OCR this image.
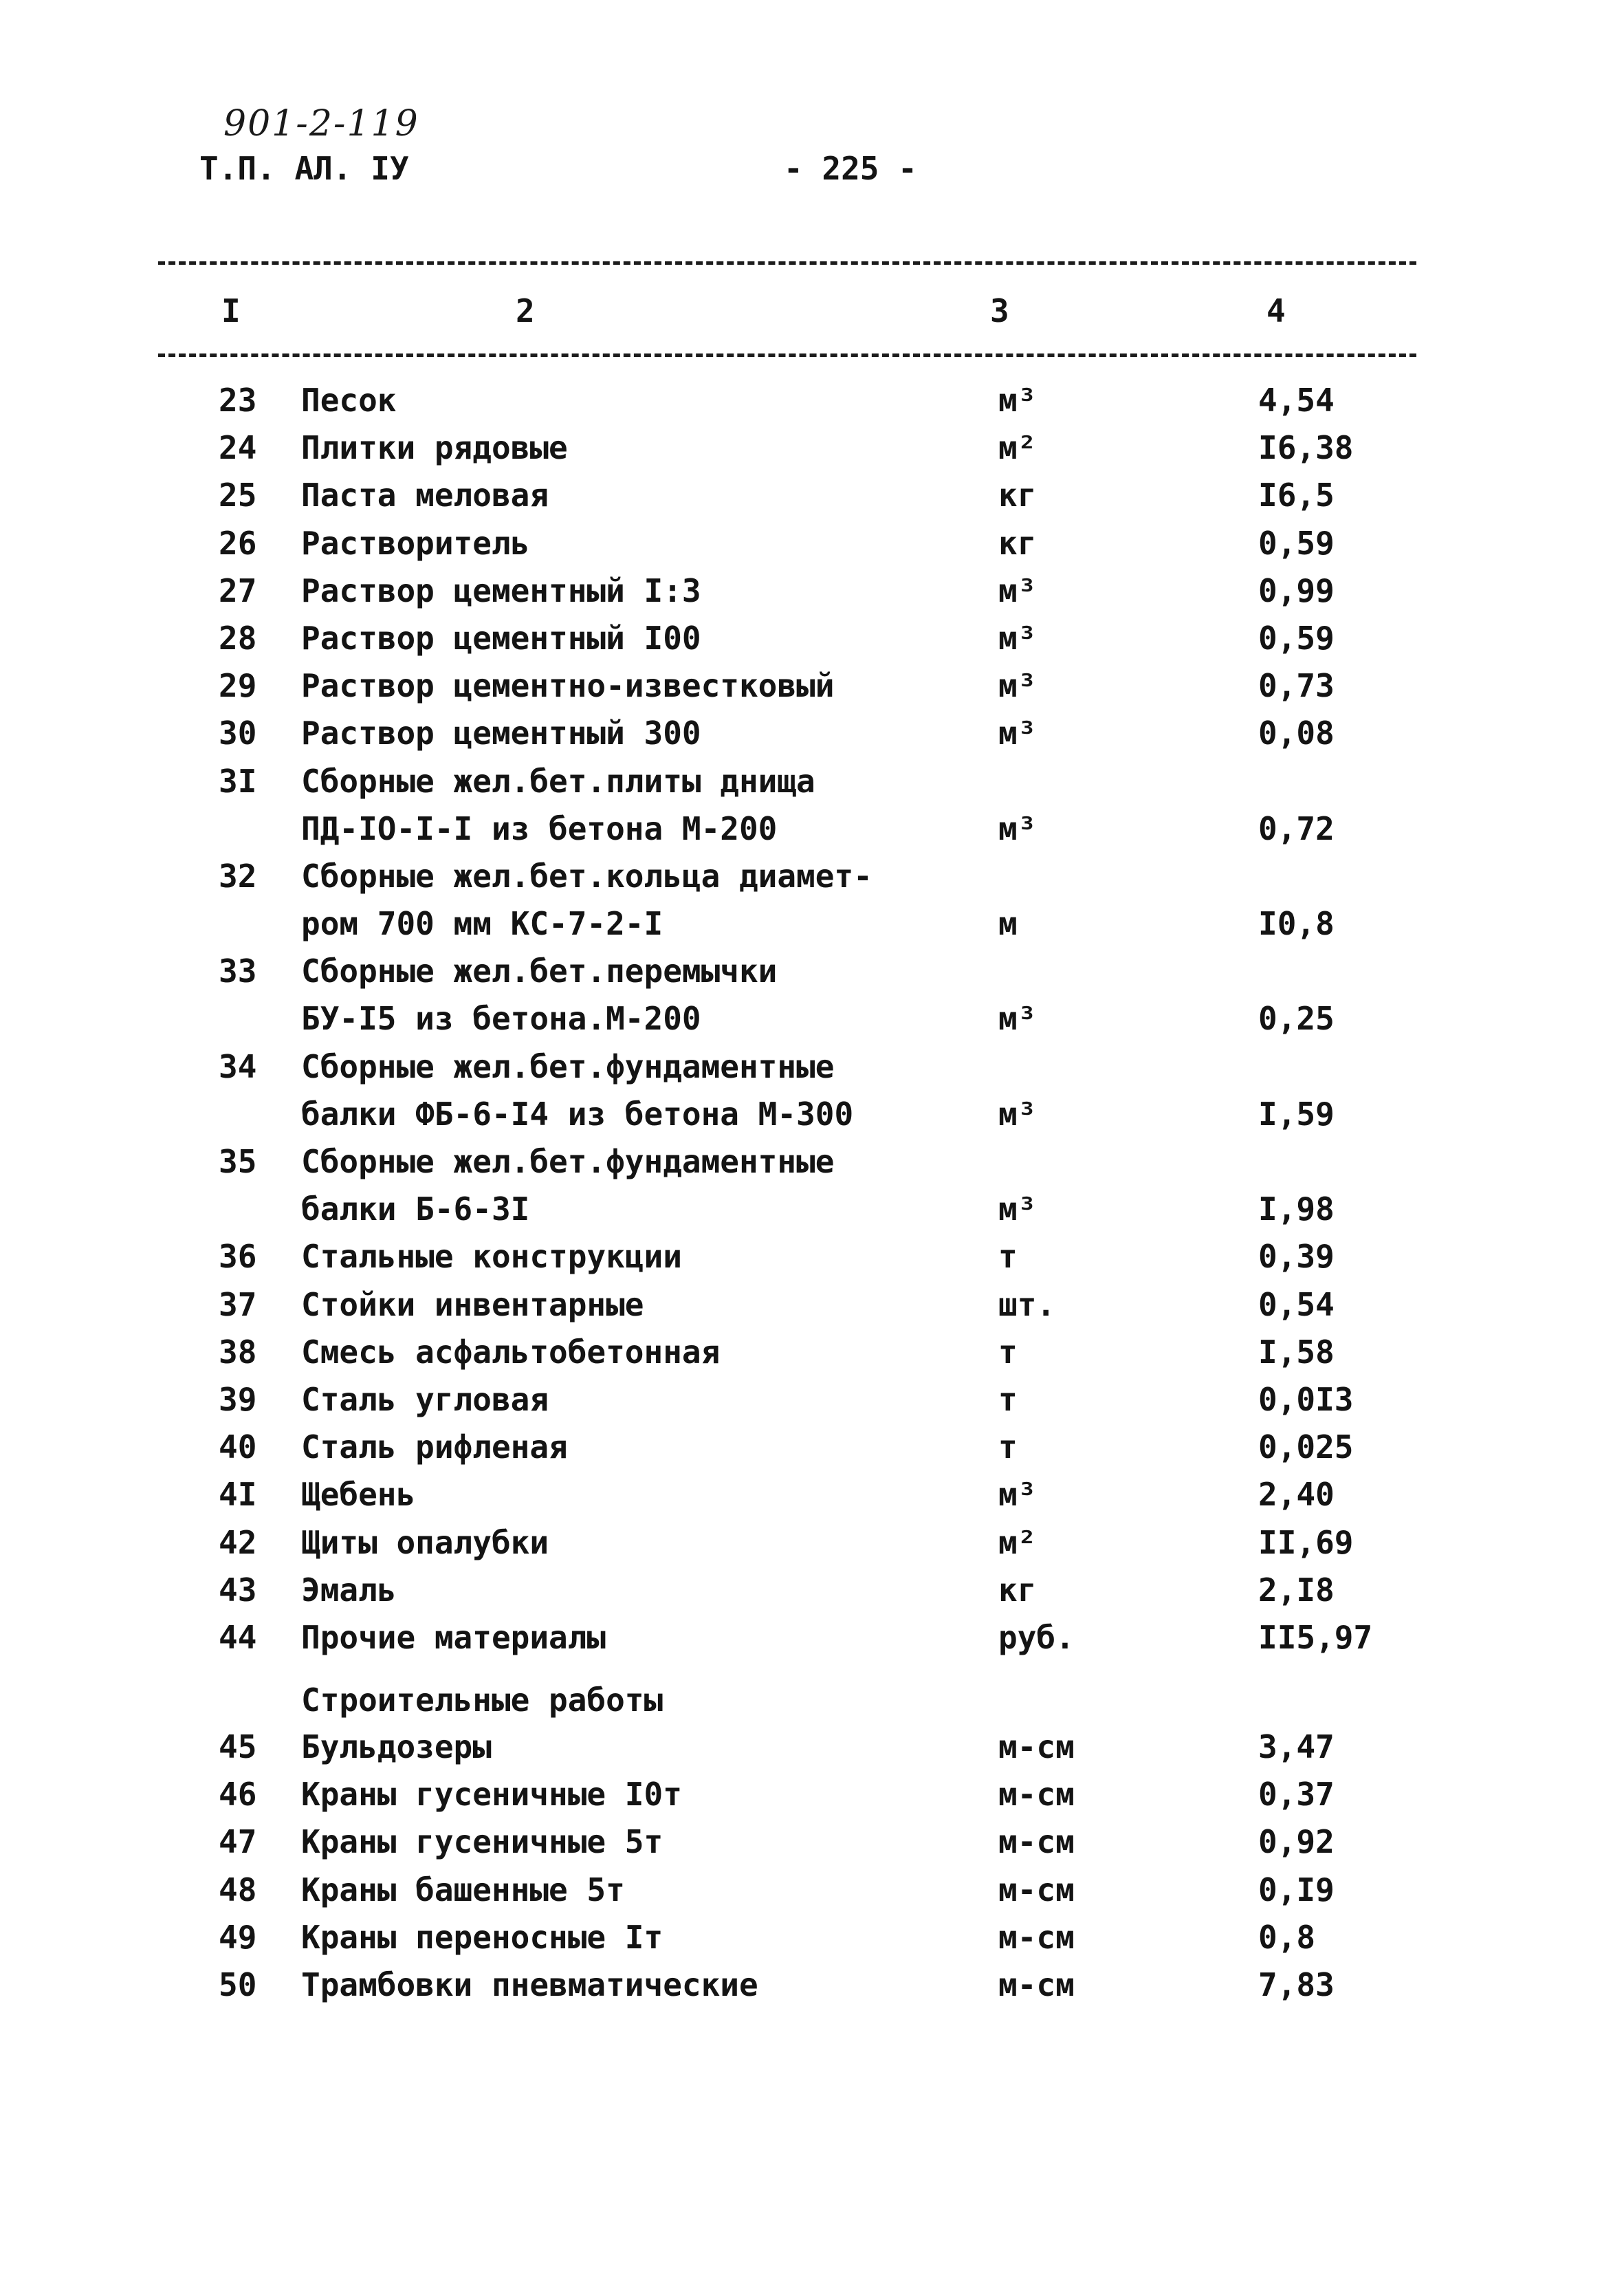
901-2-119
Т.П. АЛ. IУ	- 225 -
I	2	3	4
23 Песок	м³	4,54
24 Плитки рядовые	м²	I6,38
25 Паста меловая	кг	I6,5
26 Растворитель	кг	0,59
27 Раствор цементный I:3	м³	0,99
28 Раствор цементный I00	м³	0,59
29 Раствор цементно-известковый	м³	0,73
30 Раствор цементный 300	м³	0,08
3I Сборные жел.бет.плиты днища
ПД-IO-I-I из бетона М-200	м³	0,72
32 Сборные жел.бет.кольца диамет-
ром 700 мм КС-7-2-I	м	I0,8
33 Сборные жел.бет.перемычки
БУ-I5 из бетона.М-200	м³	0,25
34 Сборные жел.бет.фундаментные
балки ФБ-6-I4 из бетона М-300	м³	I,59
35 Сборные жел.бет.фундаментные
балки Б-6-3I	м³	I,98
36 Стальные конструкции	т	0,39
37 Стойки инвентарные	шт.	0,54
38 Смесь асфальтобетонная	т	I,58
39 Сталь угловая	т	0,0I3
40 Сталь рифленая	т	0,025
4I Щебень	м³	2,40
42 Щиты опалубки	м²	II,69
43 Эмаль	кг	2,I8
44 Прочие материалы	руб.	II5,97
Строительные работы
45 Бульдозеры	м-см	3,47
46 Краны гусеничные I0т	м-см	0,37
47 Краны гусеничные 5т	м-см	0,92
48 Краны башенные 5т	м-см	0,I9
49 Краны переносные Iт	м-см	0,8
50 Трамбовки пневматические	м-см	7,83
